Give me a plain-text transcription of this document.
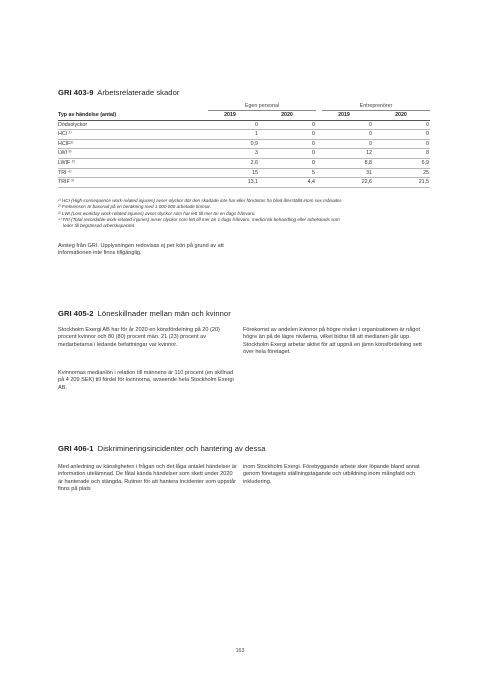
GRI 403-9 Arbetsrelaterade skador

	Egen personal		Entreprenörer	

Typ av händelse (antal)	2019	2020	2019	2020
Dödsolyckor	0	0	0	0
HCI ¹⁾	1	0	0	0
HCIF²⁾	0,9	0	0	0
LWI ³⁾	3	0	12	8
LWIF ²⁾	2,6	0	8,8	6,9
TRI ⁴⁾	15	5	31	25
TRIF ²⁾	13,1	4,4	22,6	21,5

¹⁾ HCI (High-consequence work-related injuries) avser olyckor där den skadade inte har eller förväntas ha blivit återställd inom sex månader.

²⁾ Frekvensen är baserad på en beräkning med 1 000 000 arbetade timmar.

³⁾ LWI (Lost workday work-related injuries) avser olyckor som har lett till mer än en dags frånvaro.

⁴⁾ TRI (Total recordable work-related injuries) avser olyckor som lett till mer än 1 dags frånvaro, medicinsk behandling eller arbetskads som

leder till begränsad arbetskapacitet.

Avsteg från GRI. Upplysningen redovisas ej per kön på grund av att informationen inte finns tillgänglig.

GRI 405-2 Löneskillnader mellan män och kvinnor

Stockholm Exergi AB har för år 2020 en könsfördelning på 20 (20) procent kvinnor och 80 (80) procent män. 21 (23) procent av medarbetarna i ledande befattningar var kvinnor.

Kvinnornas medianlön i relation till männens är 110 procent (en skillnad på 4 209 SEK) till fördel för kvinnorna, avseende hela Stockholm Exergi AB.

Förekomst av andelen kvinnor på högre nivåer i organisationen är något högre än på de lägre nivåerna, vilket bidrar till att medianen går upp. Stockholm Exergi arbetar aktivt för att uppnå en jämn könsfördelning sett över hela företaget.

GRI 406-1 Diskrimineringsincidenter och hantering av dessa

Med anledning av känsligheten i frågan och det låga antalet händelser är information utelämnad. De fåtal kända händelser som skett under 2020 är hanterade och stängda. Rutiner för att hantera incidenter som uppstår finns på plats

inom Stockholm Exergi. Förebyggande arbete sker löpande bland annat genom företagets ställningstagande och utbildning inom mångfald och inkludering.

163
